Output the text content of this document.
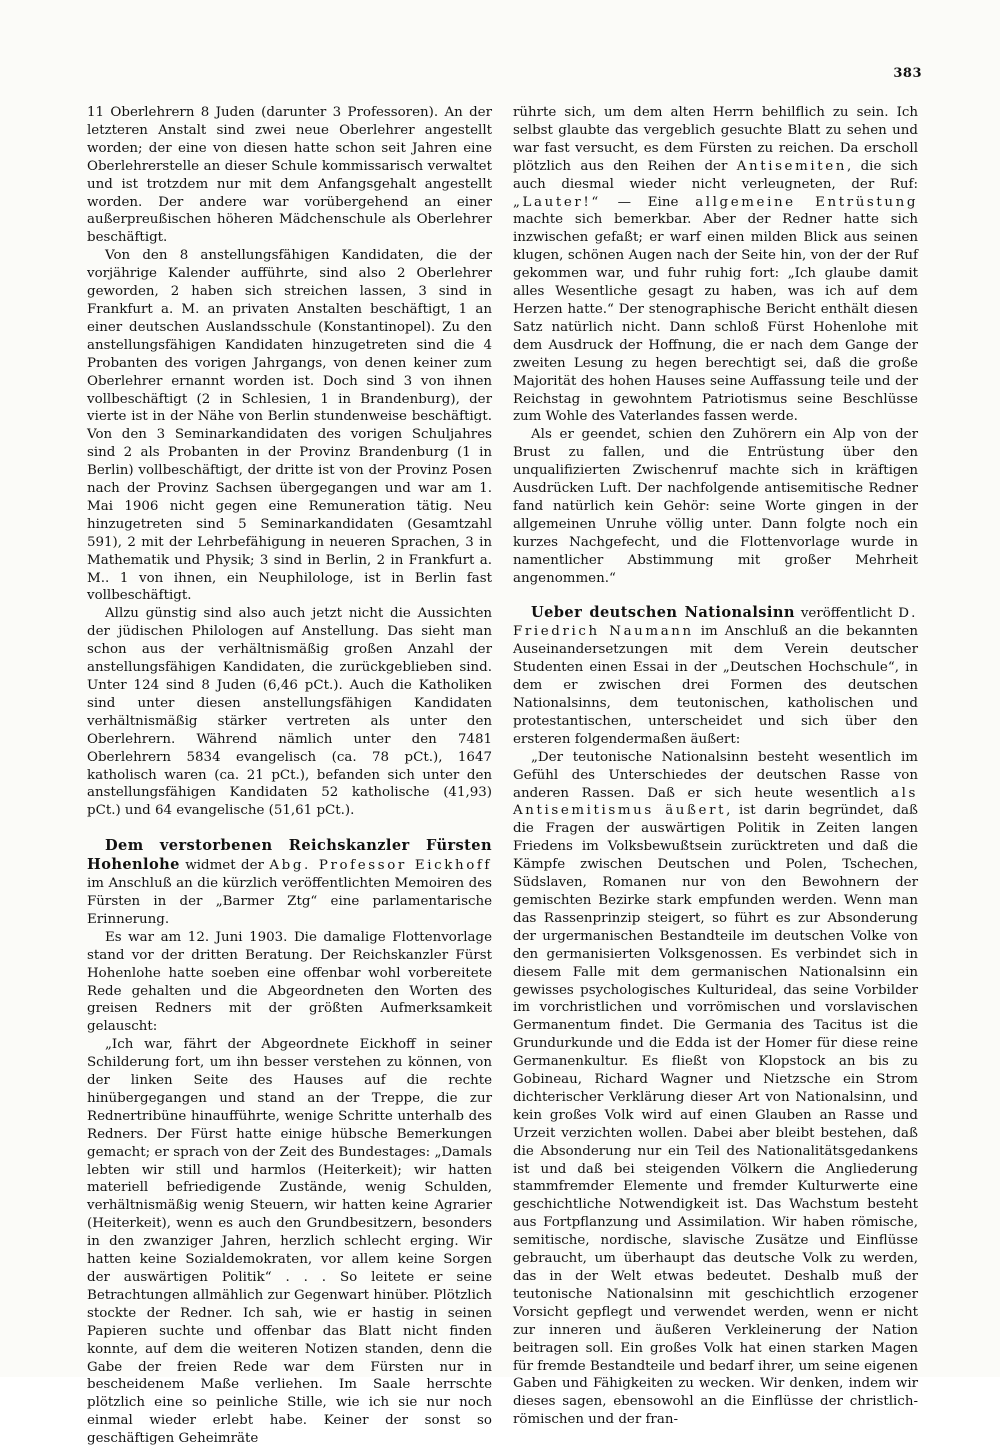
383

11 Oberlehrern 8 Juden (darunter 3 Professoren). An der letzteren Anstalt sind zwei neue Oberlehrer angestellt worden; der eine von diesen hatte schon seit Jahren eine Oberlehrerstelle an dieser Schule kommissarisch verwaltet und ist trotzdem nur mit dem Anfangsgehalt angestellt worden. Der andere war vorübergehend an einer außerpreußischen höheren Mädchenschule als Oberlehrer beschäftigt.

Von den 8 anstellungsfähigen Kandidaten, die der vorjährige Kalender aufführte, sind also 2 Oberlehrer geworden, 2 haben sich streichen lassen, 3 sind in Frankfurt a. M. an privaten Anstalten beschäftigt, 1 an einer deutschen Auslandsschule (Konstantinopel). Zu den anstellungsfähigen Kandidaten hinzugetreten sind die 4 Probanten des vorigen Jahrgangs, von denen keiner zum Oberlehrer ernannt worden ist. Doch sind 3 von ihnen vollbeschäftigt (2 in Schlesien, 1 in Brandenburg), der vierte ist in der Nähe von Berlin stundenweise beschäftigt. Von den 3 Seminarkandidaten des vorigen Schuljahres sind 2 als Probanten in der Provinz Brandenburg (1 in Berlin) vollbeschäftigt, der dritte ist von der Provinz Posen nach der Provinz Sachsen übergegangen und war am 1. Mai 1906 nicht gegen eine Remuneration tätig. Neu hinzugetreten sind 5 Seminarkandidaten (Gesamtzahl 591), 2 mit der Lehrbefähigung in neueren Sprachen, 3 in Mathematik und Physik; 3 sind in Berlin, 2 in Frankfurt a. M.. 1 von ihnen, ein Neuphilologe, ist in Berlin fast vollbeschäftigt.

Allzu günstig sind also auch jetzt nicht die Aussichten der jüdischen Philologen auf Anstellung. Das sieht man schon aus der verhältnismäßig großen Anzahl der anstellungsfähigen Kandidaten, die zurückgeblieben sind. Unter 124 sind 8 Juden (6,46 pCt.). Auch die Katholiken sind unter diesen anstellungsfähigen Kandidaten verhältnismäßig stärker vertreten als unter den Oberlehrern. Während nämlich unter den 7481 Oberlehrern 5834 evangelisch (ca. 78 pCt.), 1647 katholisch waren (ca. 21 pCt.), befanden sich unter den anstellungsfähigen Kandidaten 52 katholische (41,93) pCt.) und 64 evangelische (51,61 pCt.).

Dem verstorbenen Reichskanzler Fürsten Hohenlohe widmet der Abg. Professor Eickhoff im Anschluß an die kürzlich veröffentlichten Memoiren des Fürsten in der „Barmer Ztg“ eine parlamentarische Erinnerung.

Es war am 12. Juni 1903. Die damalige Flottenvorlage stand vor der dritten Beratung. Der Reichskanzler Fürst Hohenlohe hatte soeben eine offenbar wohl vorbereitete Rede gehalten und die Abgeordneten den Worten des greisen Redners mit der größten Aufmerksamkeit gelauscht:

„Ich war, fährt der Abgeordnete Eickhoff in seiner Schilderung fort, um ihn besser verstehen zu können, von der linken Seite des Hauses auf die rechte hinübergegangen und stand an der Treppe, die zur Rednertribüne hinaufführte, wenige Schritte unterhalb des Redners. Der Fürst hatte einige hübsche Bemerkungen gemacht; er sprach von der Zeit des Bundestages: „Damals lebten wir still und harmlos (Heiterkeit); wir hatten materiell befriedigende Zustände, wenig Schulden, verhältnismäßig wenig Steuern, wir hatten keine Agrarier (Heiterkeit), wenn es auch den Grundbesitzern, besonders in den zwanziger Jahren, herzlich schlecht erging. Wir hatten keine Sozialdemokraten, vor allem keine Sorgen der auswärtigen Politik“ . . . So leitete er seine Betrachtungen allmählich zur Gegenwart hinüber. Plötzlich stockte der Redner. Ich sah, wie er hastig in seinen Papieren suchte und offenbar das Blatt nicht finden konnte, auf dem die weiteren Notizen standen, denn die Gabe der freien Rede war dem Fürsten nur in bescheidenem Maße verliehen. Im Saale herrschte plötzlich eine so peinliche Stille, wie ich sie nur noch einmal wieder erlebt habe. Keiner der sonst so geschäftigen Geheimräte

rührte sich, um dem alten Herrn behilflich zu sein. Ich selbst glaubte das vergeblich gesuchte Blatt zu sehen und war fast versucht, es dem Fürsten zu reichen. Da erscholl plötzlich aus den Reihen der Antisemiten, die sich auch diesmal wieder nicht verleugneten, der Ruf: „Lauter!“ — Eine allgemeine Entrüstung machte sich bemerkbar. Aber der Redner hatte sich inzwischen gefaßt; er warf einen milden Blick aus seinen klugen, schönen Augen nach der Seite hin, von der der Ruf gekommen war, und fuhr ruhig fort: „Ich glaube damit alles Wesentliche gesagt zu haben, was ich auf dem Herzen hatte.“ Der stenographische Bericht enthält diesen Satz natürlich nicht. Dann schloß Fürst Hohenlohe mit dem Ausdruck der Hoffnung, die er nach dem Gange der zweiten Lesung zu hegen berechtigt sei, daß die große Majorität des hohen Hauses seine Auffassung teile und der Reichstag in gewohntem Patriotismus seine Beschlüsse zum Wohle des Vaterlandes fassen werde.

Als er geendet, schien den Zuhörern ein Alp von der Brust zu fallen, und die Entrüstung über den unqualifizierten Zwischenruf machte sich in kräftigen Ausdrücken Luft. Der nachfolgende antisemitische Redner fand natürlich kein Gehör: seine Worte gingen in der allgemeinen Unruhe völlig unter. Dann folgte noch ein kurzes Nachgefecht, und die Flottenvorlage wurde in namentlicher Abstimmung mit großer Mehrheit angenommen.“

Ueber deutschen Nationalsinn veröffentlicht D. Friedrich Naumann im Anschluß an die bekannten Auseinandersetzungen mit dem Verein deutscher Studenten einen Essai in der „Deutschen Hochschule“, in dem er zwischen drei Formen des deutschen Nationalsinns, dem teutonischen, katholischen und protestantischen, unterscheidet und sich über den ersteren folgendermaßen äußert:

„Der teutonische Nationalsinn besteht wesentlich im Gefühl des Unterschiedes der deutschen Rasse von anderen Rassen. Daß er sich heute wesentlich als Antisemitismus äußert, ist darin begründet, daß die Fragen der auswärtigen Politik in Zeiten langen Friedens im Volksbewußtsein zurücktreten und daß die Kämpfe zwischen Deutschen und Polen, Tschechen, Südslaven, Romanen nur von den Bewohnern der gemischten Bezirke stark empfunden werden. Wenn man das Rassenprinzip steigert, so führt es zur Absonderung der urgermanischen Bestandteile im deutschen Volke von den germanisierten Volksgenossen. Es verbindet sich in diesem Falle mit dem germanischen Nationalsinn ein gewisses psychologisches Kulturideal, das seine Vorbilder im vorchristlichen und vorrömischen und vorslavischen Germanentum findet. Die Germania des Tacitus ist die Grundurkunde und die Edda ist der Homer für diese reine Germanenkultur. Es fließt von Klopstock an bis zu Gobineau, Richard Wagner und Nietzsche ein Strom dichterischer Verklärung dieser Art von Nationalsinn, und kein großes Volk wird auf einen Glauben an Rasse und Urzeit verzichten wollen. Dabei aber bleibt bestehen, daß die Absonderung nur ein Teil des Nationalitätsgedankens ist und daß bei steigenden Völkern die Angliederung stammfremder Elemente und fremder Kulturwerte eine geschichtliche Notwendigkeit ist. Das Wachstum besteht aus Fortpflanzung und Assimilation. Wir haben römische, semitische, nordische, slavische Zusätze und Einflüsse gebraucht, um überhaupt das deutsche Volk zu werden, das in der Welt etwas bedeutet. Deshalb muß der teutonische Nationalsinn mit geschichtlich erzogener Vorsicht gepflegt und verwendet werden, wenn er nicht zur inneren und äußeren Verkleinerung der Nation beitragen soll. Ein großes Volk hat einen starken Magen für fremde Bestandteile und bedarf ihrer, um seine eigenen Gaben und Fähigkeiten zu wecken. Wir denken, indem wir dieses sagen, ebensowohl an die Einflüsse der christlich-römischen und der fran-
